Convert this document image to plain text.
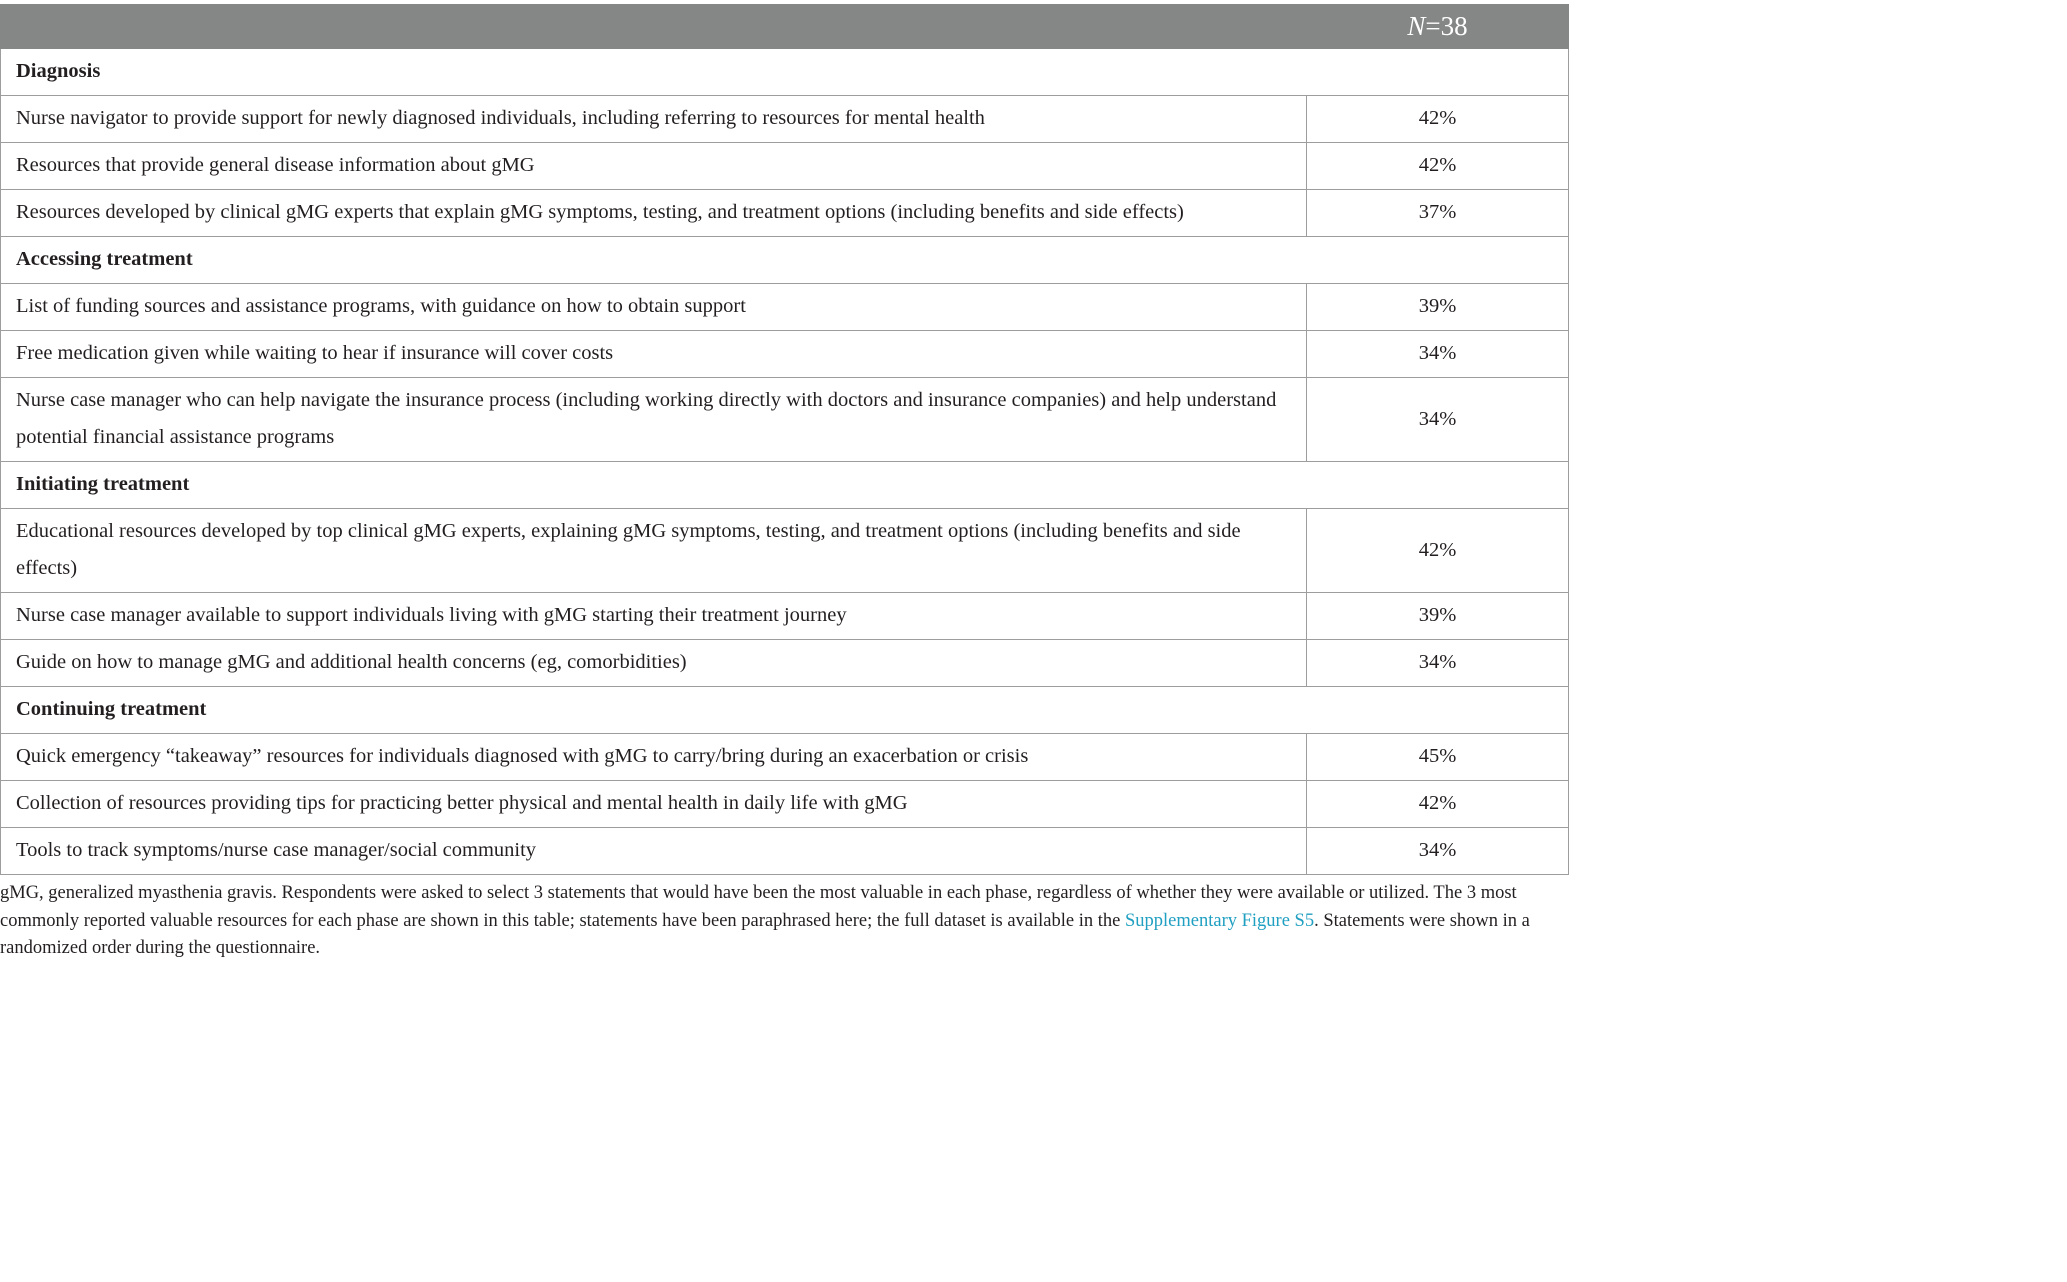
	N=38
Diagnosis	
Nurse navigator to provide support for newly diagnosed individuals, including referring to resources for mental health	42%
Resources that provide general disease information about gMG	42%
Resources developed by clinical gMG experts that explain gMG symptoms, testing, and treatment options (including benefits and side effects)	37%
Accessing treatment	
List of funding sources and assistance programs, with guidance on how to obtain support	39%
Free medication given while waiting to hear if insurance will cover costs	34%
Nurse case manager who can help navigate the insurance process (including working directly with doctors and insurance companies) and help understand potential financial assistance programs	34%
Initiating treatment	
Educational resources developed by top clinical gMG experts, explaining gMG symptoms, testing, and treatment options (including benefits and side effects)	42%
Nurse case manager available to support individuals living with gMG starting their treatment journey	39%
Guide on how to manage gMG and additional health concerns (eg, comorbidities)	34%
Continuing treatment	
Quick emergency “takeaway” resources for individuals diagnosed with gMG to carry/bring during an exacerbation or crisis	45%
Collection of resources providing tips for practicing better physical and mental health in daily life with gMG	42%
Tools to track symptoms/nurse case manager/social community	34%

gMG, generalized myasthenia gravis. Respondents were asked to select 3 statements that would have been the most valuable in each phase, regardless of whether they were available or utilized. The 3 most commonly reported valuable resources for each phase are shown in this table; statements have been paraphrased here; the full dataset is available in the Supplementary Figure S5. Statements were shown in a randomized order during the questionnaire.
